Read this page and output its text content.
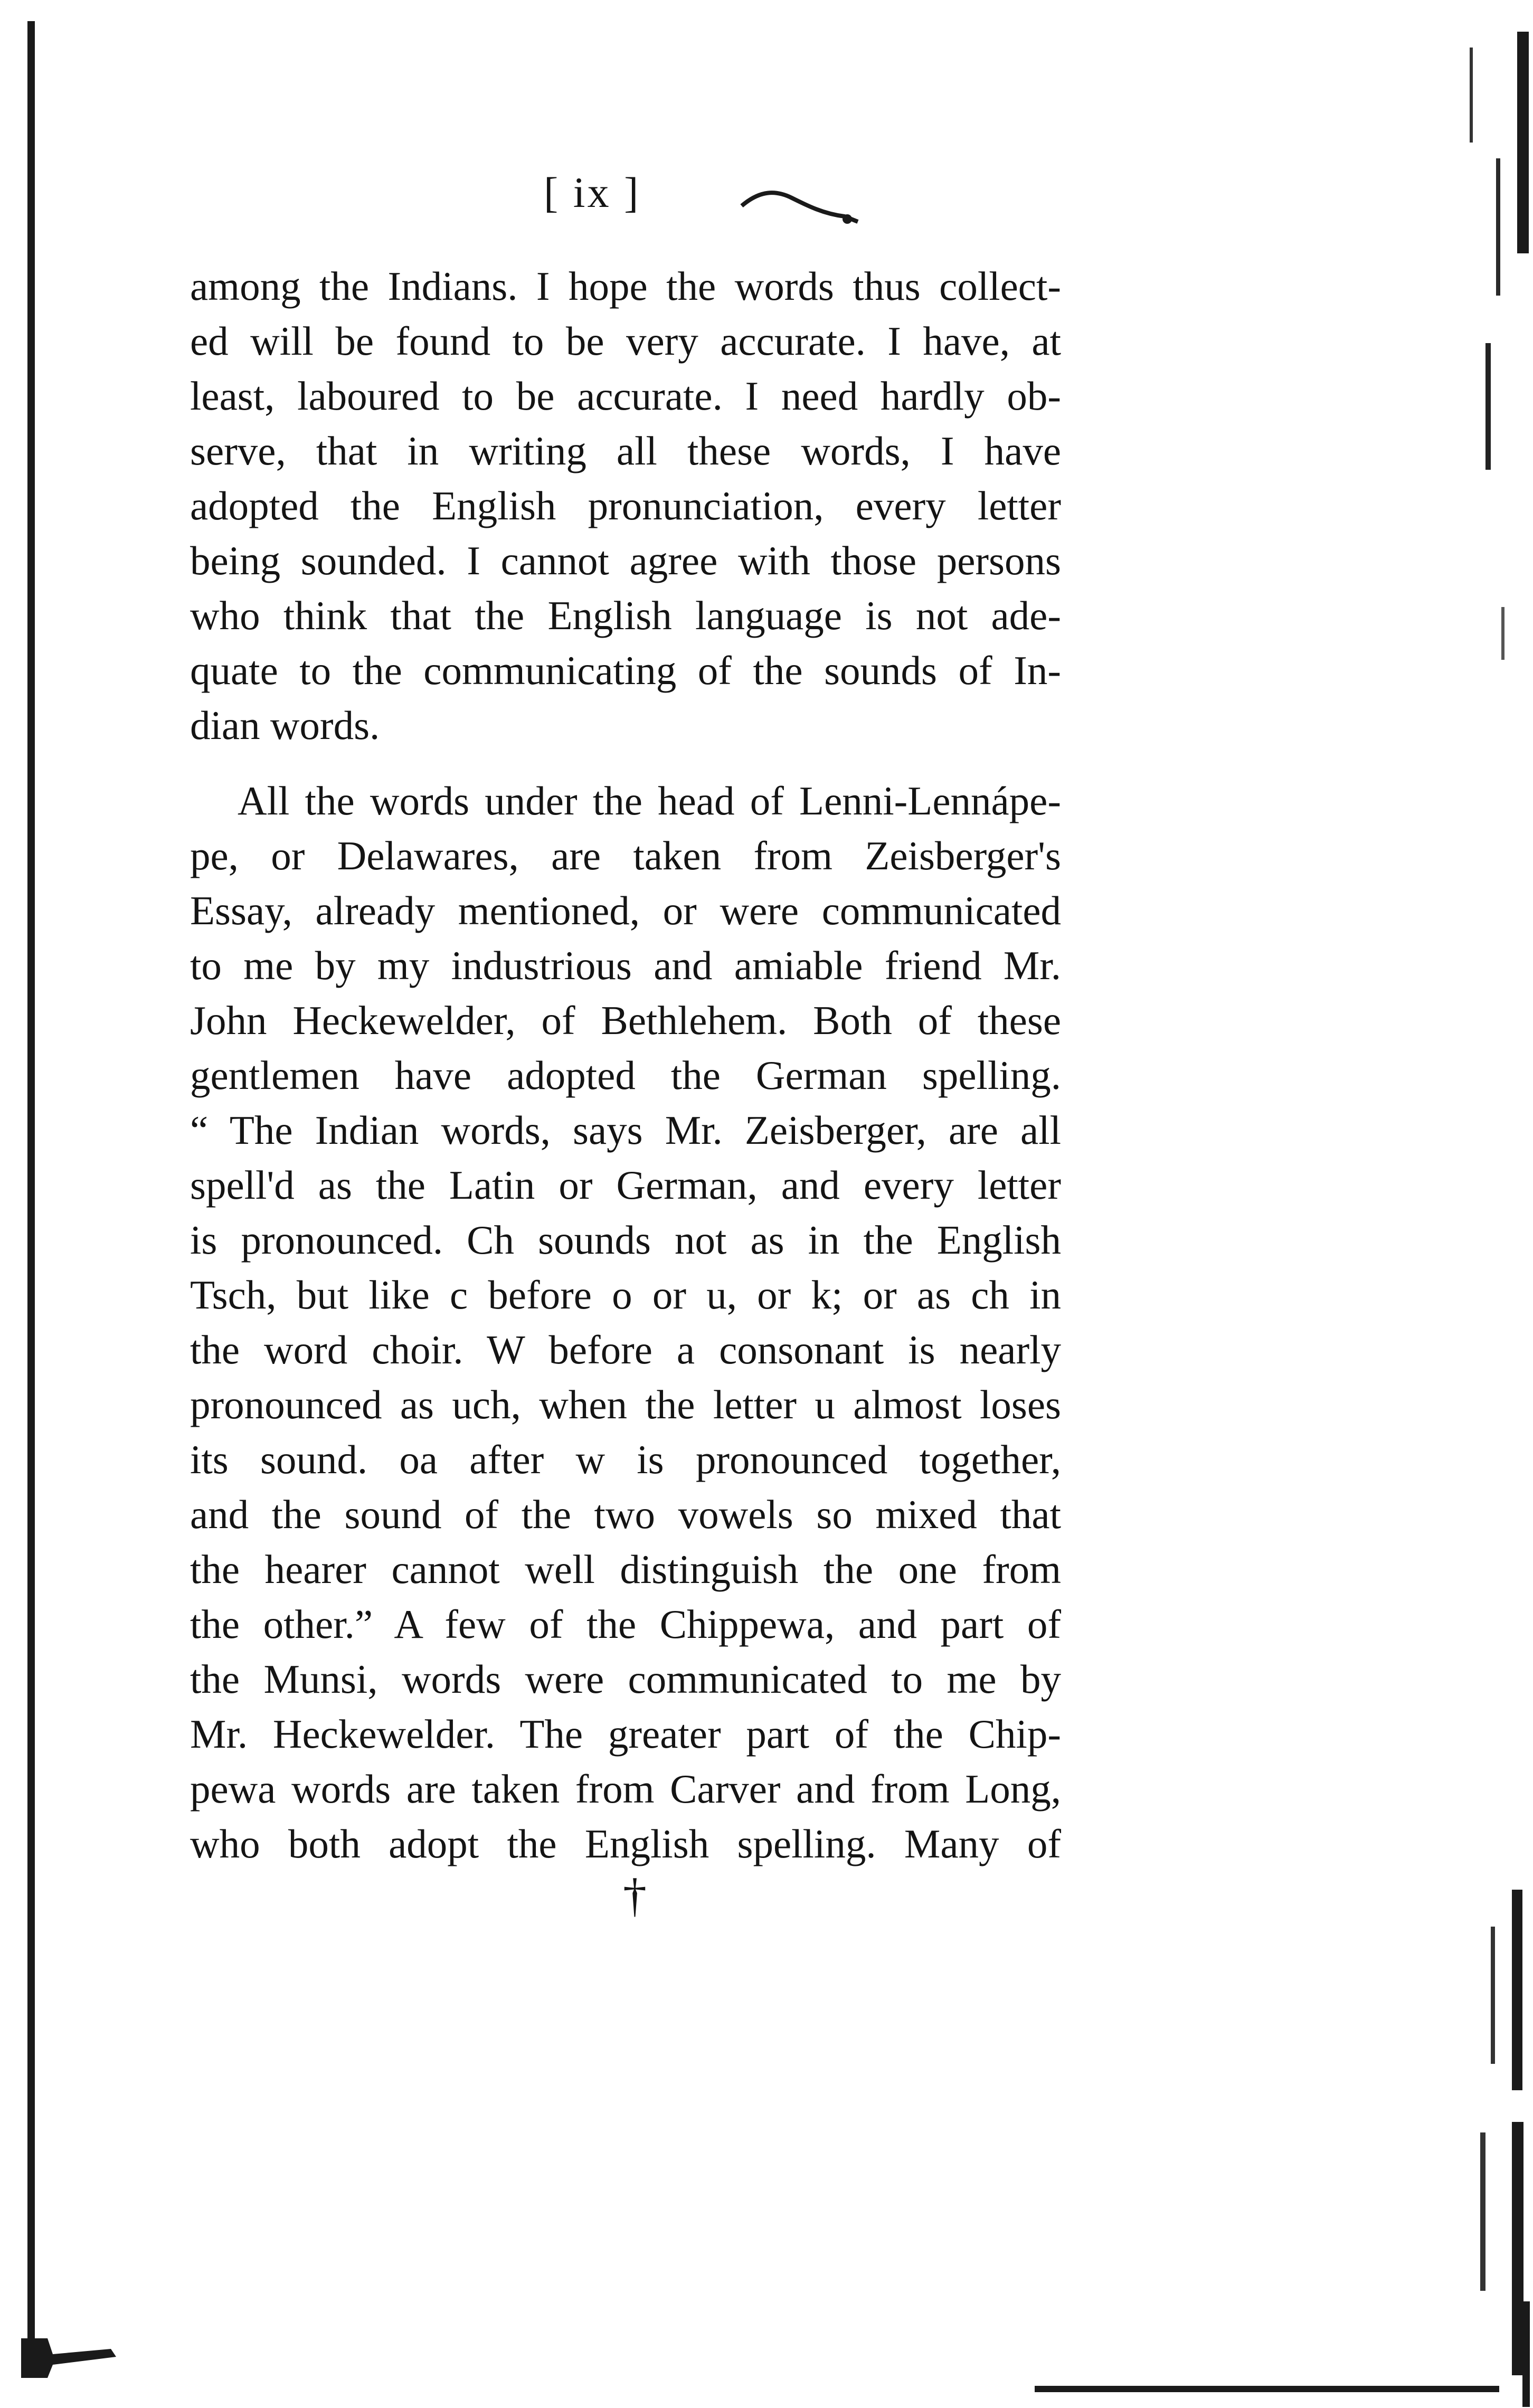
[ ix ]
among the Indians. I hope the words thus collect-
ed will be found to be very accurate. I have, at
least, laboured to be accurate. I need hardly ob-
serve, that in writing all these words, I have
adopted the English pronunciation, every letter
being sounded. I cannot agree with those persons
who think that the English language is not ade-
quate to the communicating of the sounds of In-
dian words.
All the words under the head of Lenni-Lennápe-
pe, or Delawares, are taken from Zeisberger's
Essay, already mentioned, or were communicated
to me by my industrious and amiable friend Mr.
John Heckewelder, of Bethlehem. Both of these
gentlemen have adopted the German spelling.
“ The Indian words, says Mr. Zeisberger, are all
spell'd as the Latin or German, and every letter
is pronounced. Ch sounds not as in the English
Tsch, but like c before o or u, or k; or as ch in
the word choir. W before a consonant is nearly
pronounced as uch, when the letter u almost loses
its sound. oa after w is pronounced together,
and the sound of the two vowels so mixed that
the hearer cannot well distinguish the one from
the other.” A few of the Chippewa, and part of
the Munsi, words were communicated to me by
Mr. Heckewelder. The greater part of the Chip-
pewa words are taken from Carver and from Long,
who both adopt the English spelling. Many of
†
